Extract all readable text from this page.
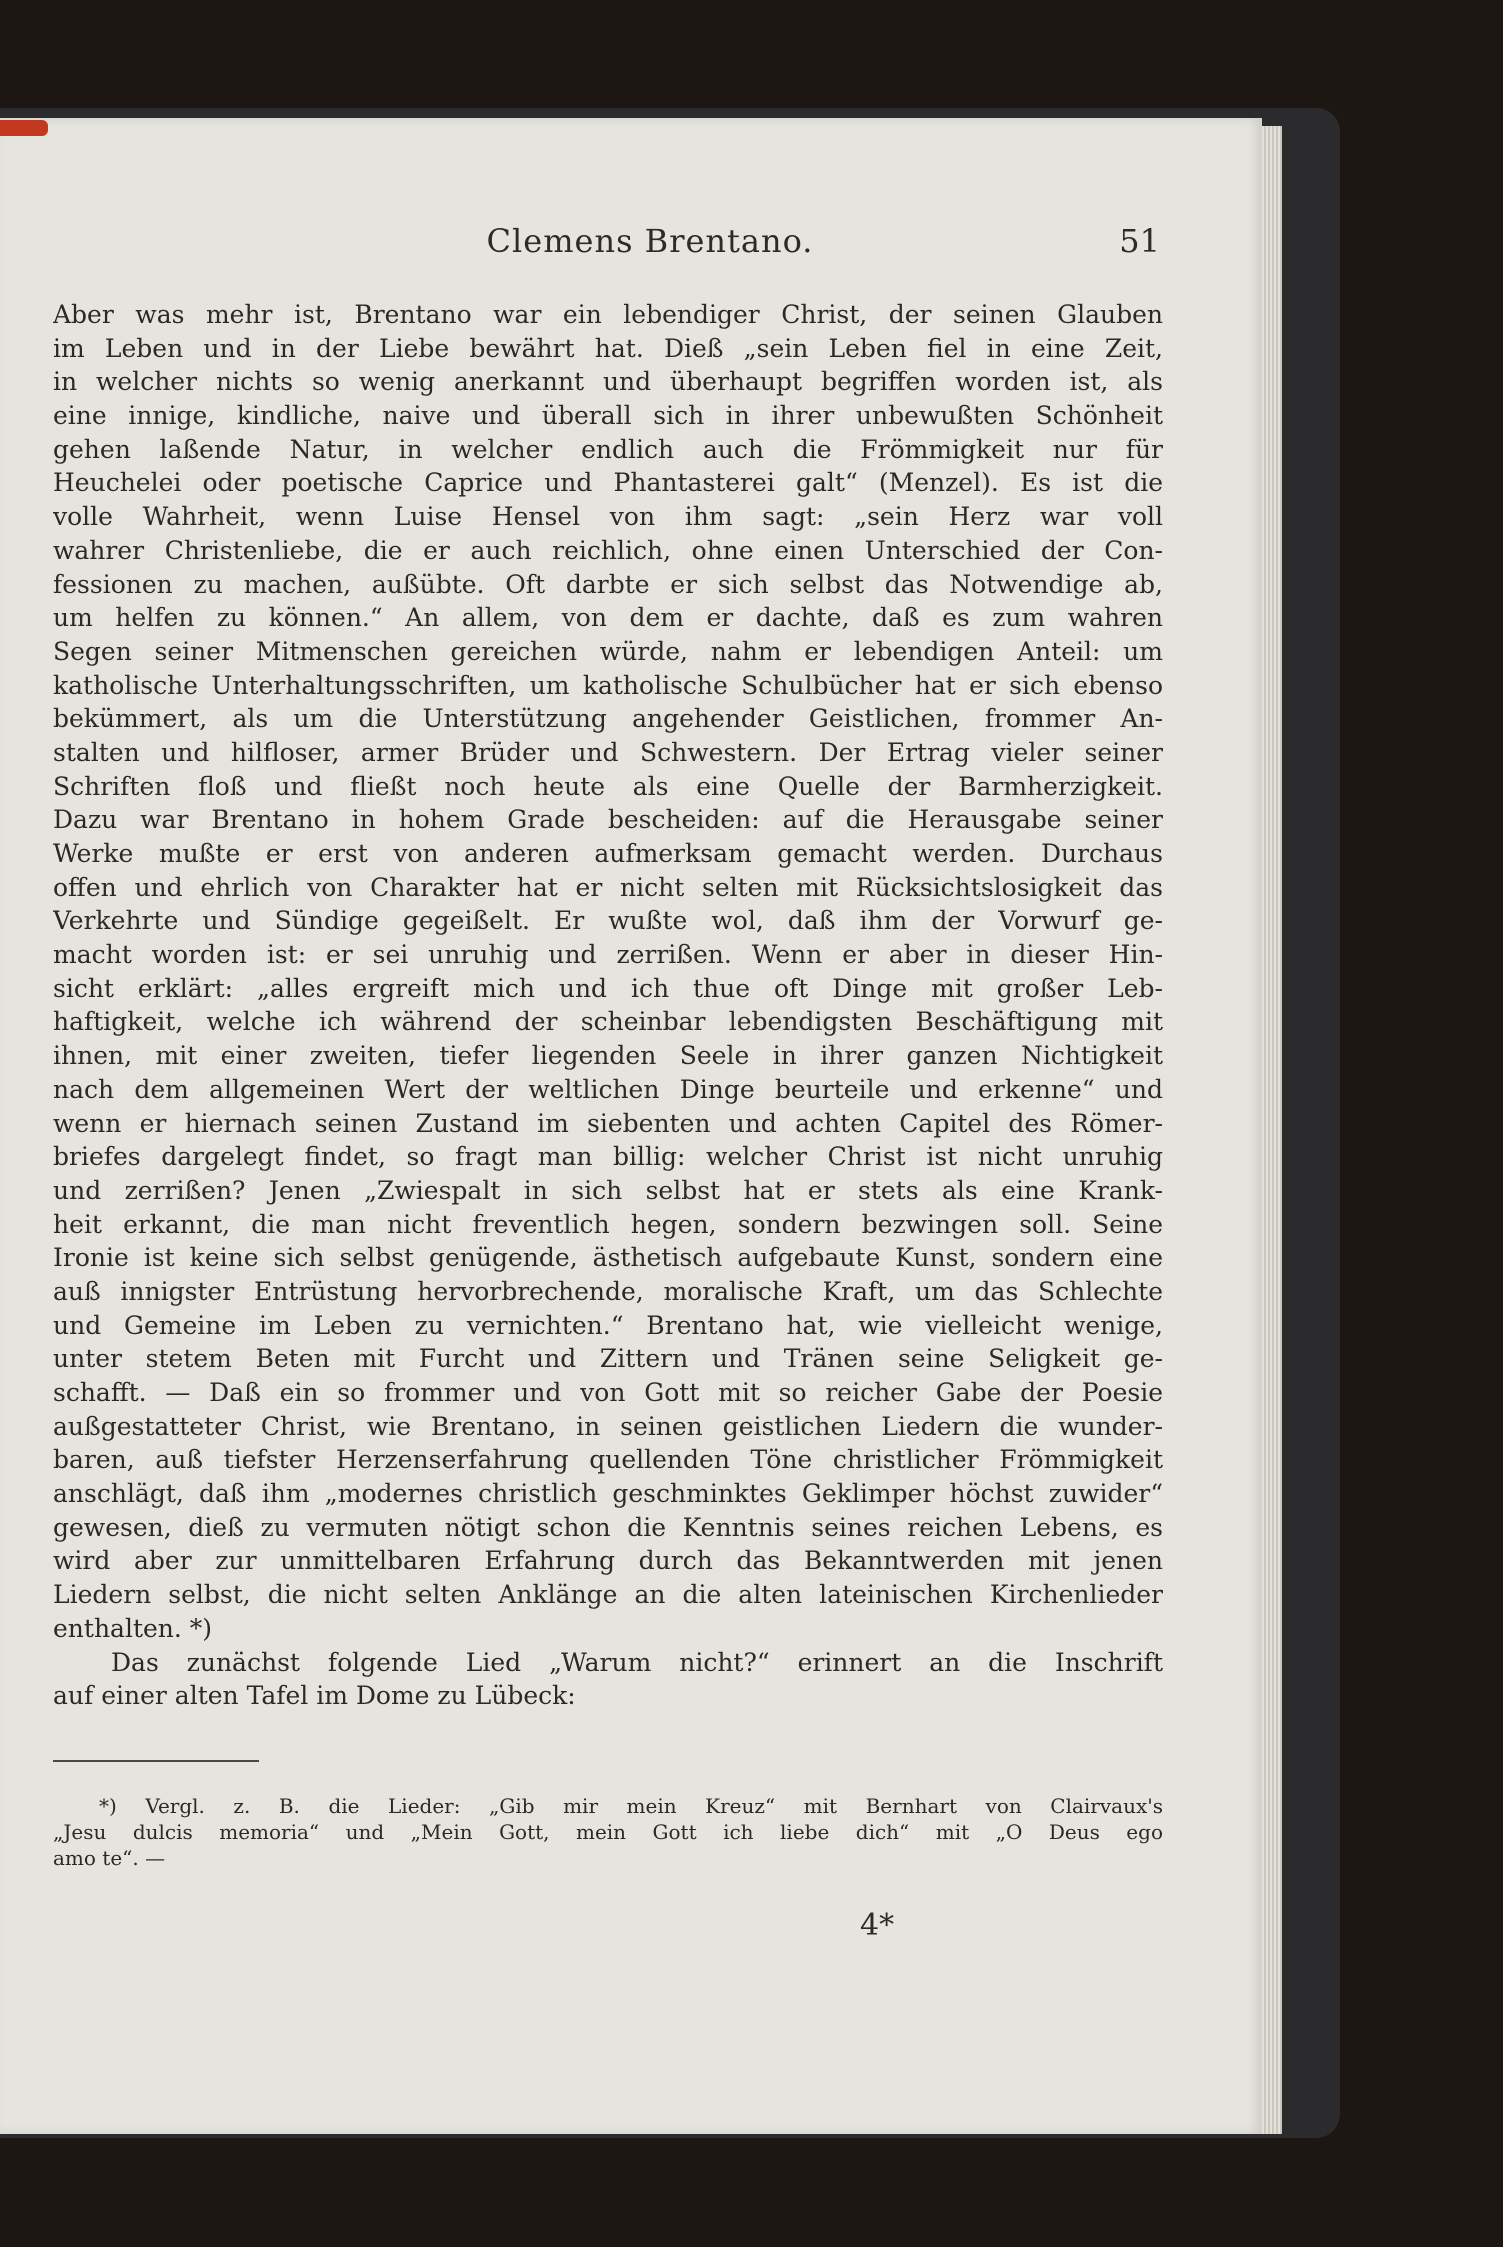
Clemens Brentano.	51
Aber was mehr ist, Brentano war ein lebendiger Christ, der seinen Glauben
im Leben und in der Liebe bewährt hat. Dieß „sein Leben fiel in eine Zeit,
in welcher nichts so wenig anerkannt und überhaupt begriffen worden ist, als
eine innige, kindliche, naive und überall sich in ihrer unbewußten Schönheit
gehen laßende Natur, in welcher endlich auch die Frömmigkeit nur für
Heuchelei oder poetische Caprice und Phantasterei galt“ (Menzel). Es ist die
volle Wahrheit, wenn Luise Hensel von ihm sagt: „sein Herz war voll
wahrer Christenliebe, die er auch reichlich, ohne einen Unterschied der Con-
fessionen zu machen, außübte. Oft darbte er sich selbst das Notwendige ab,
um helfen zu können.“ An allem, von dem er dachte, daß es zum wahren
Segen seiner Mitmenschen gereichen würde, nahm er lebendigen Anteil: um
katholische Unterhaltungsschriften, um katholische Schulbücher hat er sich ebenso
bekümmert, als um die Unterstützung angehender Geistlichen, frommer An-
stalten und hilfloser, armer Brüder und Schwestern. Der Ertrag vieler seiner
Schriften floß und fließt noch heute als eine Quelle der Barmherzigkeit.
Dazu war Brentano in hohem Grade bescheiden: auf die Herausgabe seiner
Werke mußte er erst von anderen aufmerksam gemacht werden. Durchaus
offen und ehrlich von Charakter hat er nicht selten mit Rücksichtslosigkeit das
Verkehrte und Sündige gegeißelt. Er wußte wol, daß ihm der Vorwurf ge-
macht worden ist: er sei unruhig und zerrißen. Wenn er aber in dieser Hin-
sicht erklärt: „alles ergreift mich und ich thue oft Dinge mit großer Leb-
haftigkeit, welche ich während der scheinbar lebendigsten Beschäftigung mit
ihnen, mit einer zweiten, tiefer liegenden Seele in ihrer ganzen Nichtigkeit
nach dem allgemeinen Wert der weltlichen Dinge beurteile und erkenne“ und
wenn er hiernach seinen Zustand im siebenten und achten Capitel des Römer-
briefes dargelegt findet, so fragt man billig: welcher Christ ist nicht unruhig
und zerrißen? Jenen „Zwiespalt in sich selbst hat er stets als eine Krank-
heit erkannt, die man nicht freventlich hegen, sondern bezwingen soll. Seine
Ironie ist keine sich selbst genügende, ästhetisch aufgebaute Kunst, sondern eine
auß innigster Entrüstung hervorbrechende, moralische Kraft, um das Schlechte
und Gemeine im Leben zu vernichten.“ Brentano hat, wie vielleicht wenige,
unter stetem Beten mit Furcht und Zittern und Tränen seine Seligkeit ge-
schafft. — Daß ein so frommer und von Gott mit so reicher Gabe der Poesie
außgestatteter Christ, wie Brentano, in seinen geistlichen Liedern die wunder-
baren, auß tiefster Herzenserfahrung quellenden Töne christlicher Frömmigkeit
anschlägt, daß ihm „modernes christlich geschminktes Geklimper höchst zuwider“
gewesen, dieß zu vermuten nötigt schon die Kenntnis seines reichen Lebens, es
wird aber zur unmittelbaren Erfahrung durch das Bekanntwerden mit jenen
Liedern selbst, die nicht selten Anklänge an die alten lateinischen Kirchenlieder
enthalten. *)
Das zunächst folgende Lied „Warum nicht?“ erinnert an die Inschrift
auf einer alten Tafel im Dome zu Lübeck:
*) Vergl. z. B. die Lieder: „Gib mir mein Kreuz“ mit Bernhart von Clairvaux's
„Jesu dulcis memoria“ und „Mein Gott, mein Gott ich liebe dich“ mit „O Deus ego
amo te“. —
4*
